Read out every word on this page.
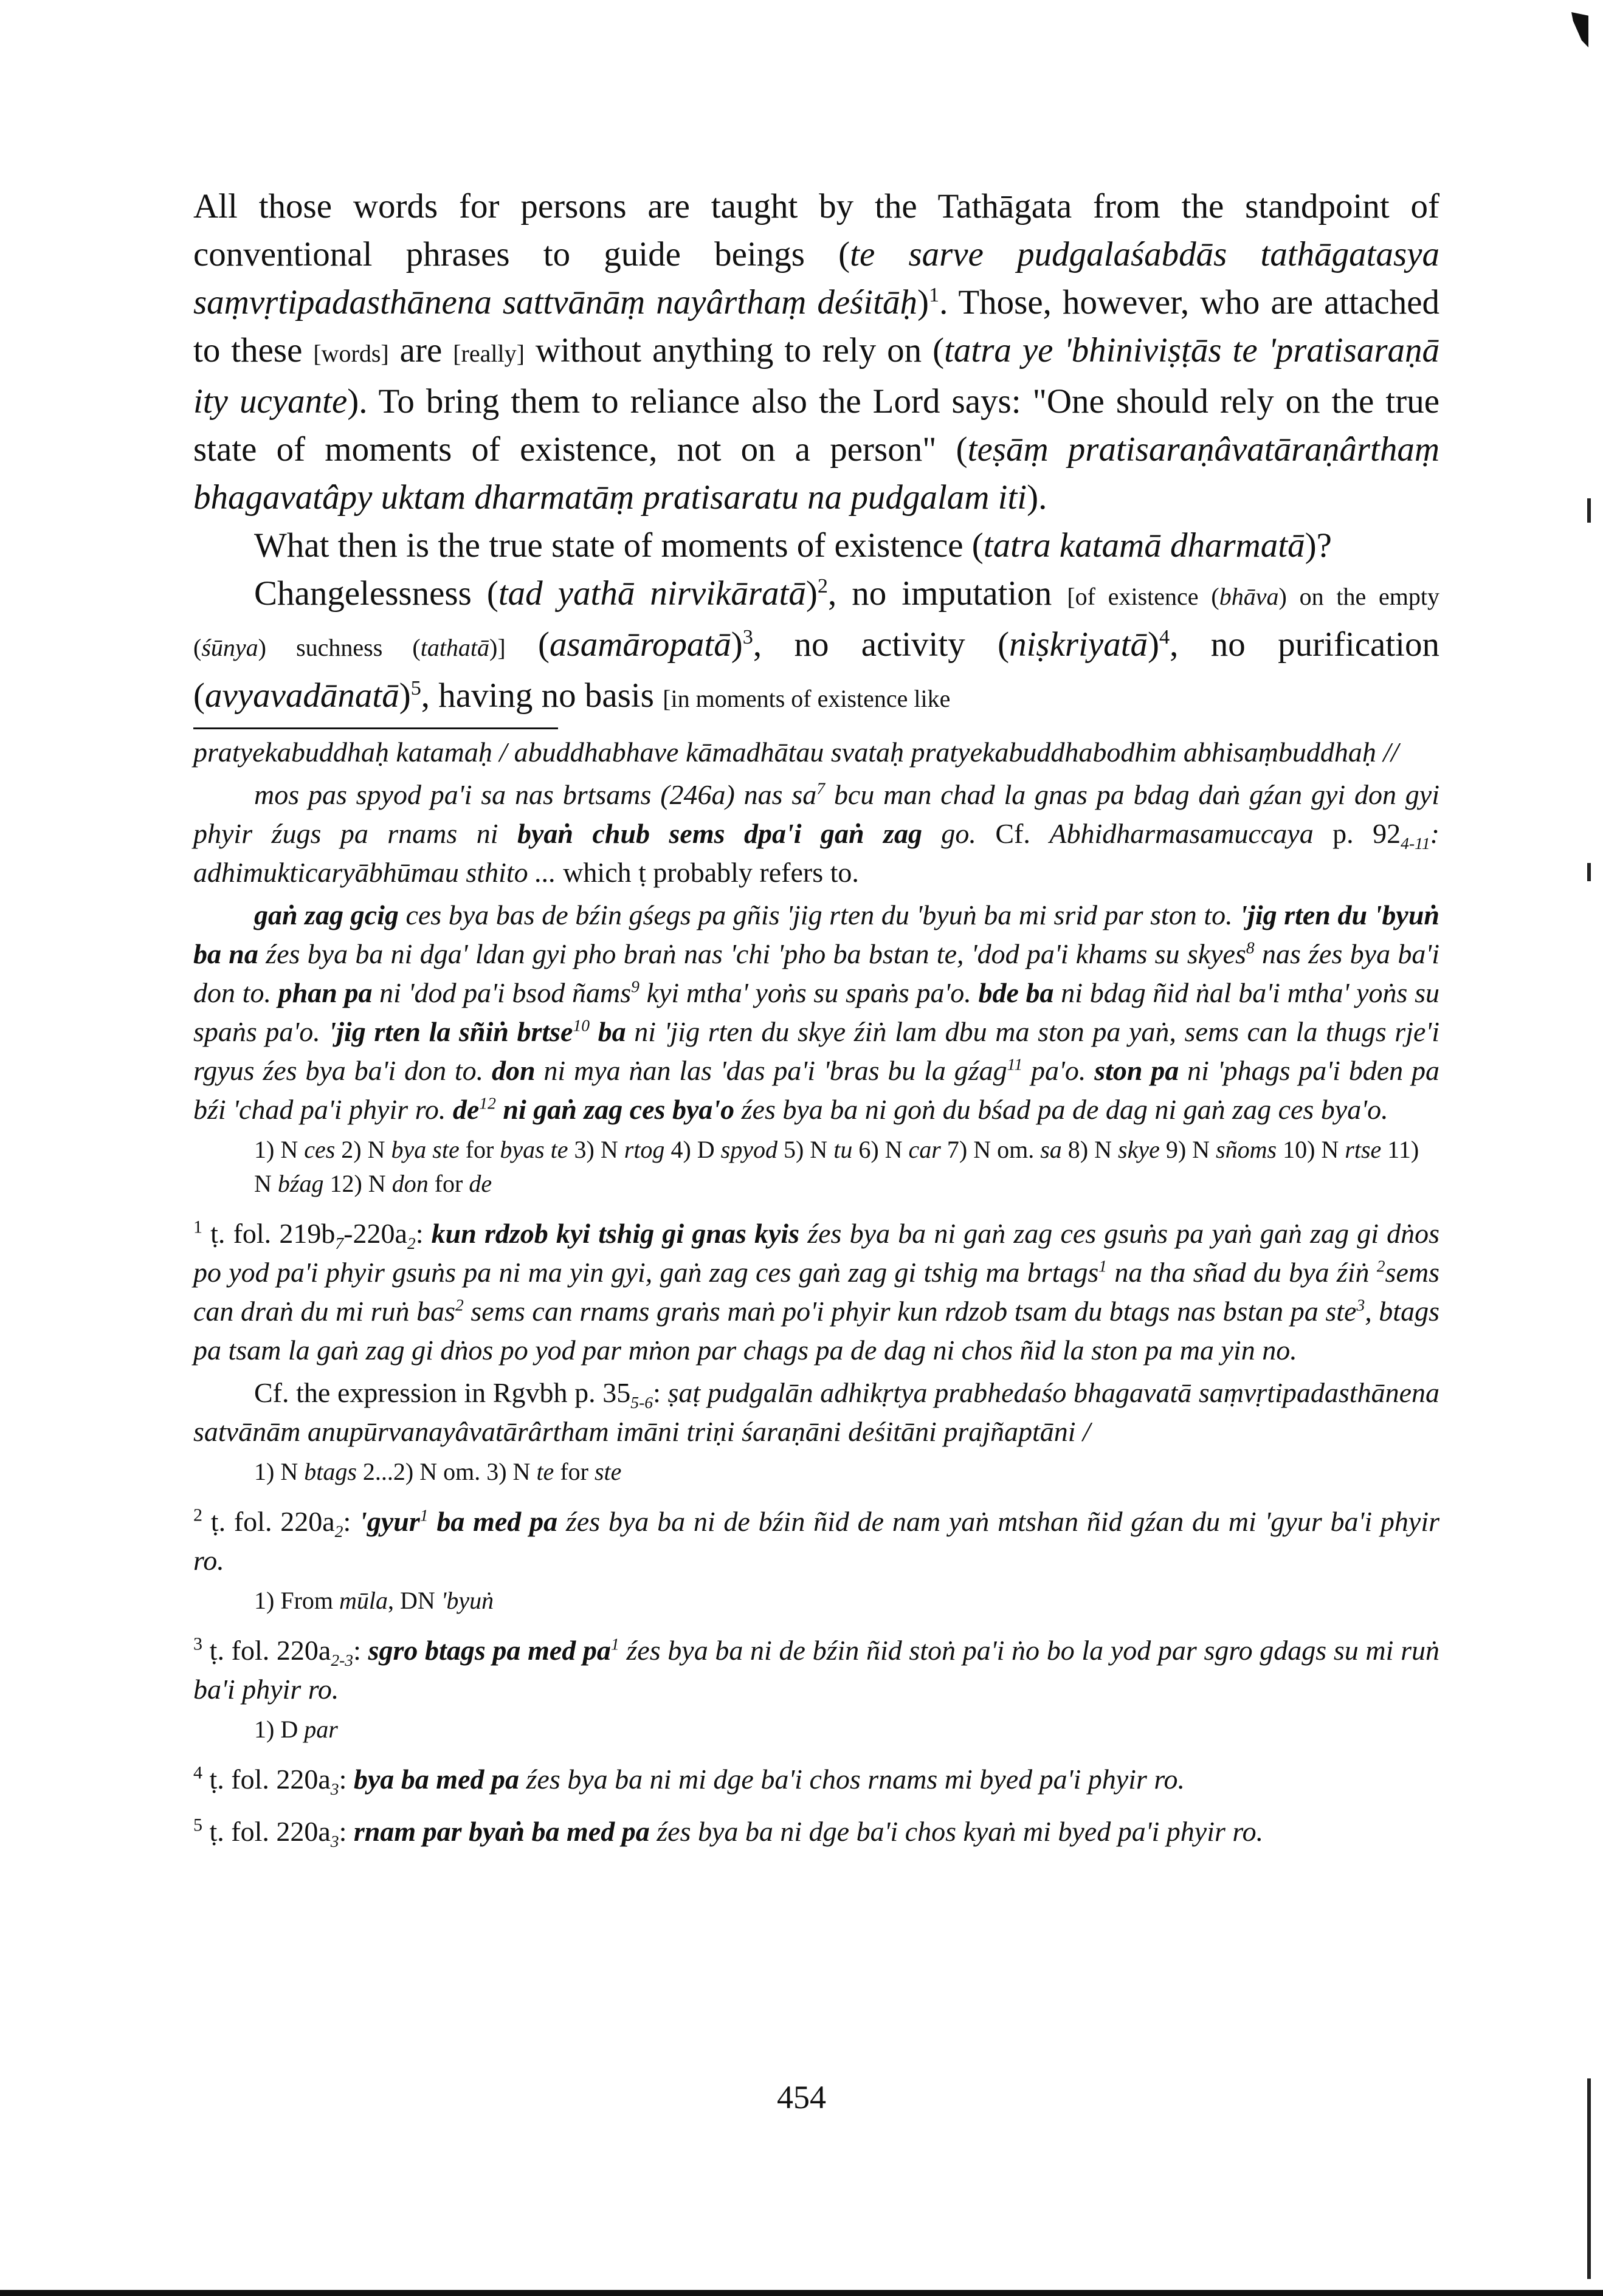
All those words for persons are taught by the Tathāgata from the standpoint of conventional phrases to guide beings (te sarve pudgalaśabdās tathāgatasya saṃvṛtipadasthānena sattvānāṃ nayârthaṃ deśitāḥ)$^1$. Those, however, who are attached to these [words] are [really] without anything to rely on (tatra ye 'bhiniviṣṭās te 'pratisaraṇā ity ucyante). To bring them to reliance also the Lord says: "One should rely on the true state of moments of existence, not on a person" (teṣāṃ pratisaraṇâvatāraṇârthaṃ bhagavatâpy uktam dharmatāṃ pratisaratu na pudgalam iti).

What then is the true state of moments of existence (tatra katamā dharmatā)?

Changelessness (tad yathā nirvikāratā)$^2$, no imputation [of existence (bhāva) on the empty (śūnya) suchness (tathatā)] (asamāropatā)$^3$, no activity (niṣkriyatā)$^4$, no purification (avyavadānatā)$^5$, having no basis [in moments of existence like

pratyekabuddhaḥ katamaḥ / abuddhabhave kāmadhātau svataḥ pratyekabuddhabodhim abhisaṃbuddhaḥ //

mos pas spyod pa'i sa nas brtsams (246a) nas $sa^7$ bcu man chad la gnas pa bdag daṅ gźan gyi don gyi phyir źugs pa rnams ni byaṅ chub sems dpa'i gaṅ zag go. Cf. Abhidharmasamuccaya p. $92_{4-11}$: adhimukticaryābhūmau sthito ... which ṭ probably refers to.

gaṅ zag gcig ces bya bas de bźin gśegs pa gñis 'jig rten du 'byuṅ ba mi srid par ston to. 'jig rten du 'byuṅ ba na źes bya ba ni dga' ldan gyi pho braṅ nas 'chi 'pho ba bstan te, 'dod pa'i khams su skyes$^8$ nas źes bya ba'i don to. phan pa ni 'dod pa'i bsod ñams$^9$ kyi mtha' yoṅs su spaṅs pa'o. bde ba ni bdag ñid ṅal ba'i mtha' yoṅs su spaṅs pa'o. 'jig rten la sñiṅ brtse$^{10}$ ba ni 'jig rten du skye źiṅ lam dbu ma ston pa yaṅ, sems can la thugs rje'i rgyus źes bya ba'i don to. don ni mya ṅan las 'das pa'i 'bras bu la gźag$^{11}$ pa'o. ston pa ni 'phags pa'i bden pa bźi 'chad pa'i phyir ro. $de^{12}$ ni gaṅ zag ces bya'o źes bya ba ni goṅ du bśad pa de dag ni gaṅ zag ces bya'o.

1) N ces 2) N bya ste for byas te 3) N rtog 4) D spyod 5) N tu 6) N car 7) N om. sa 8) N skye 9) N sñoms 10) N rtse 11) N bźag 12) N don for de

$^1$ ṭ. fol. $219b_7-220a_2$: kun rdzob kyi tshig gi gnas kyis źes bya ba ni gaṅ zag ces gsuṅs pa yaṅ gaṅ zag gi dṅos po yod pa'i phyir gsuṅs pa ni ma yin gyi, gaṅ zag ces gaṅ zag gi tshig ma brtags$^1$ na tha sñad du bya źiṅ $^2$sems can draṅ du mi ruṅ bas$^2$ sems can rnams graṅs maṅ po'i phyir kun rdzob tsam du btags nas bstan pa ste$^3$, btags pa tsam la gaṅ zag gi dṅos po yod par mṅon par chags pa de dag ni chos ñid la ston pa ma yin no.

Cf. the expression in Rgvbh p. $35_{5-6}$: ṣaṭ pudgalān adhikṛtya prabhedaśo bhagavatā saṃvṛtipadasthānena satvānām anupūrvanayâvatārârtham imāni triṇi śaraṇāni deśitāni prajñaptāni /

1) N btags 2...2) N om. 3) N te for ste

$^2$ ṭ. fol. $220a_2$: 'gyur$^1$ ba med pa źes bya ba ni de bźin ñid de nam yaṅ mtshan ñid gźan du mi 'gyur ba'i phyir ro.

1) From mūla, DN 'byuṅ

$^3$ ṭ. fol. $220a_{2-3}$: sgro btags pa med $pa^1$ źes bya ba ni de bźin ñid stoṅ pa'i ṅo bo la yod par sgro gdags su mi ruṅ ba'i phyir ro.

1) D par

$^4$ ṭ. fol. $220a_3$: bya ba med pa źes bya ba ni mi dge ba'i chos rnams mi byed pa'i phyir ro.

$^5$ ṭ. fol. $220a_3$: rnam par byaṅ ba med pa źes bya ba ni dge ba'i chos kyaṅ mi byed pa'i phyir ro.

454
